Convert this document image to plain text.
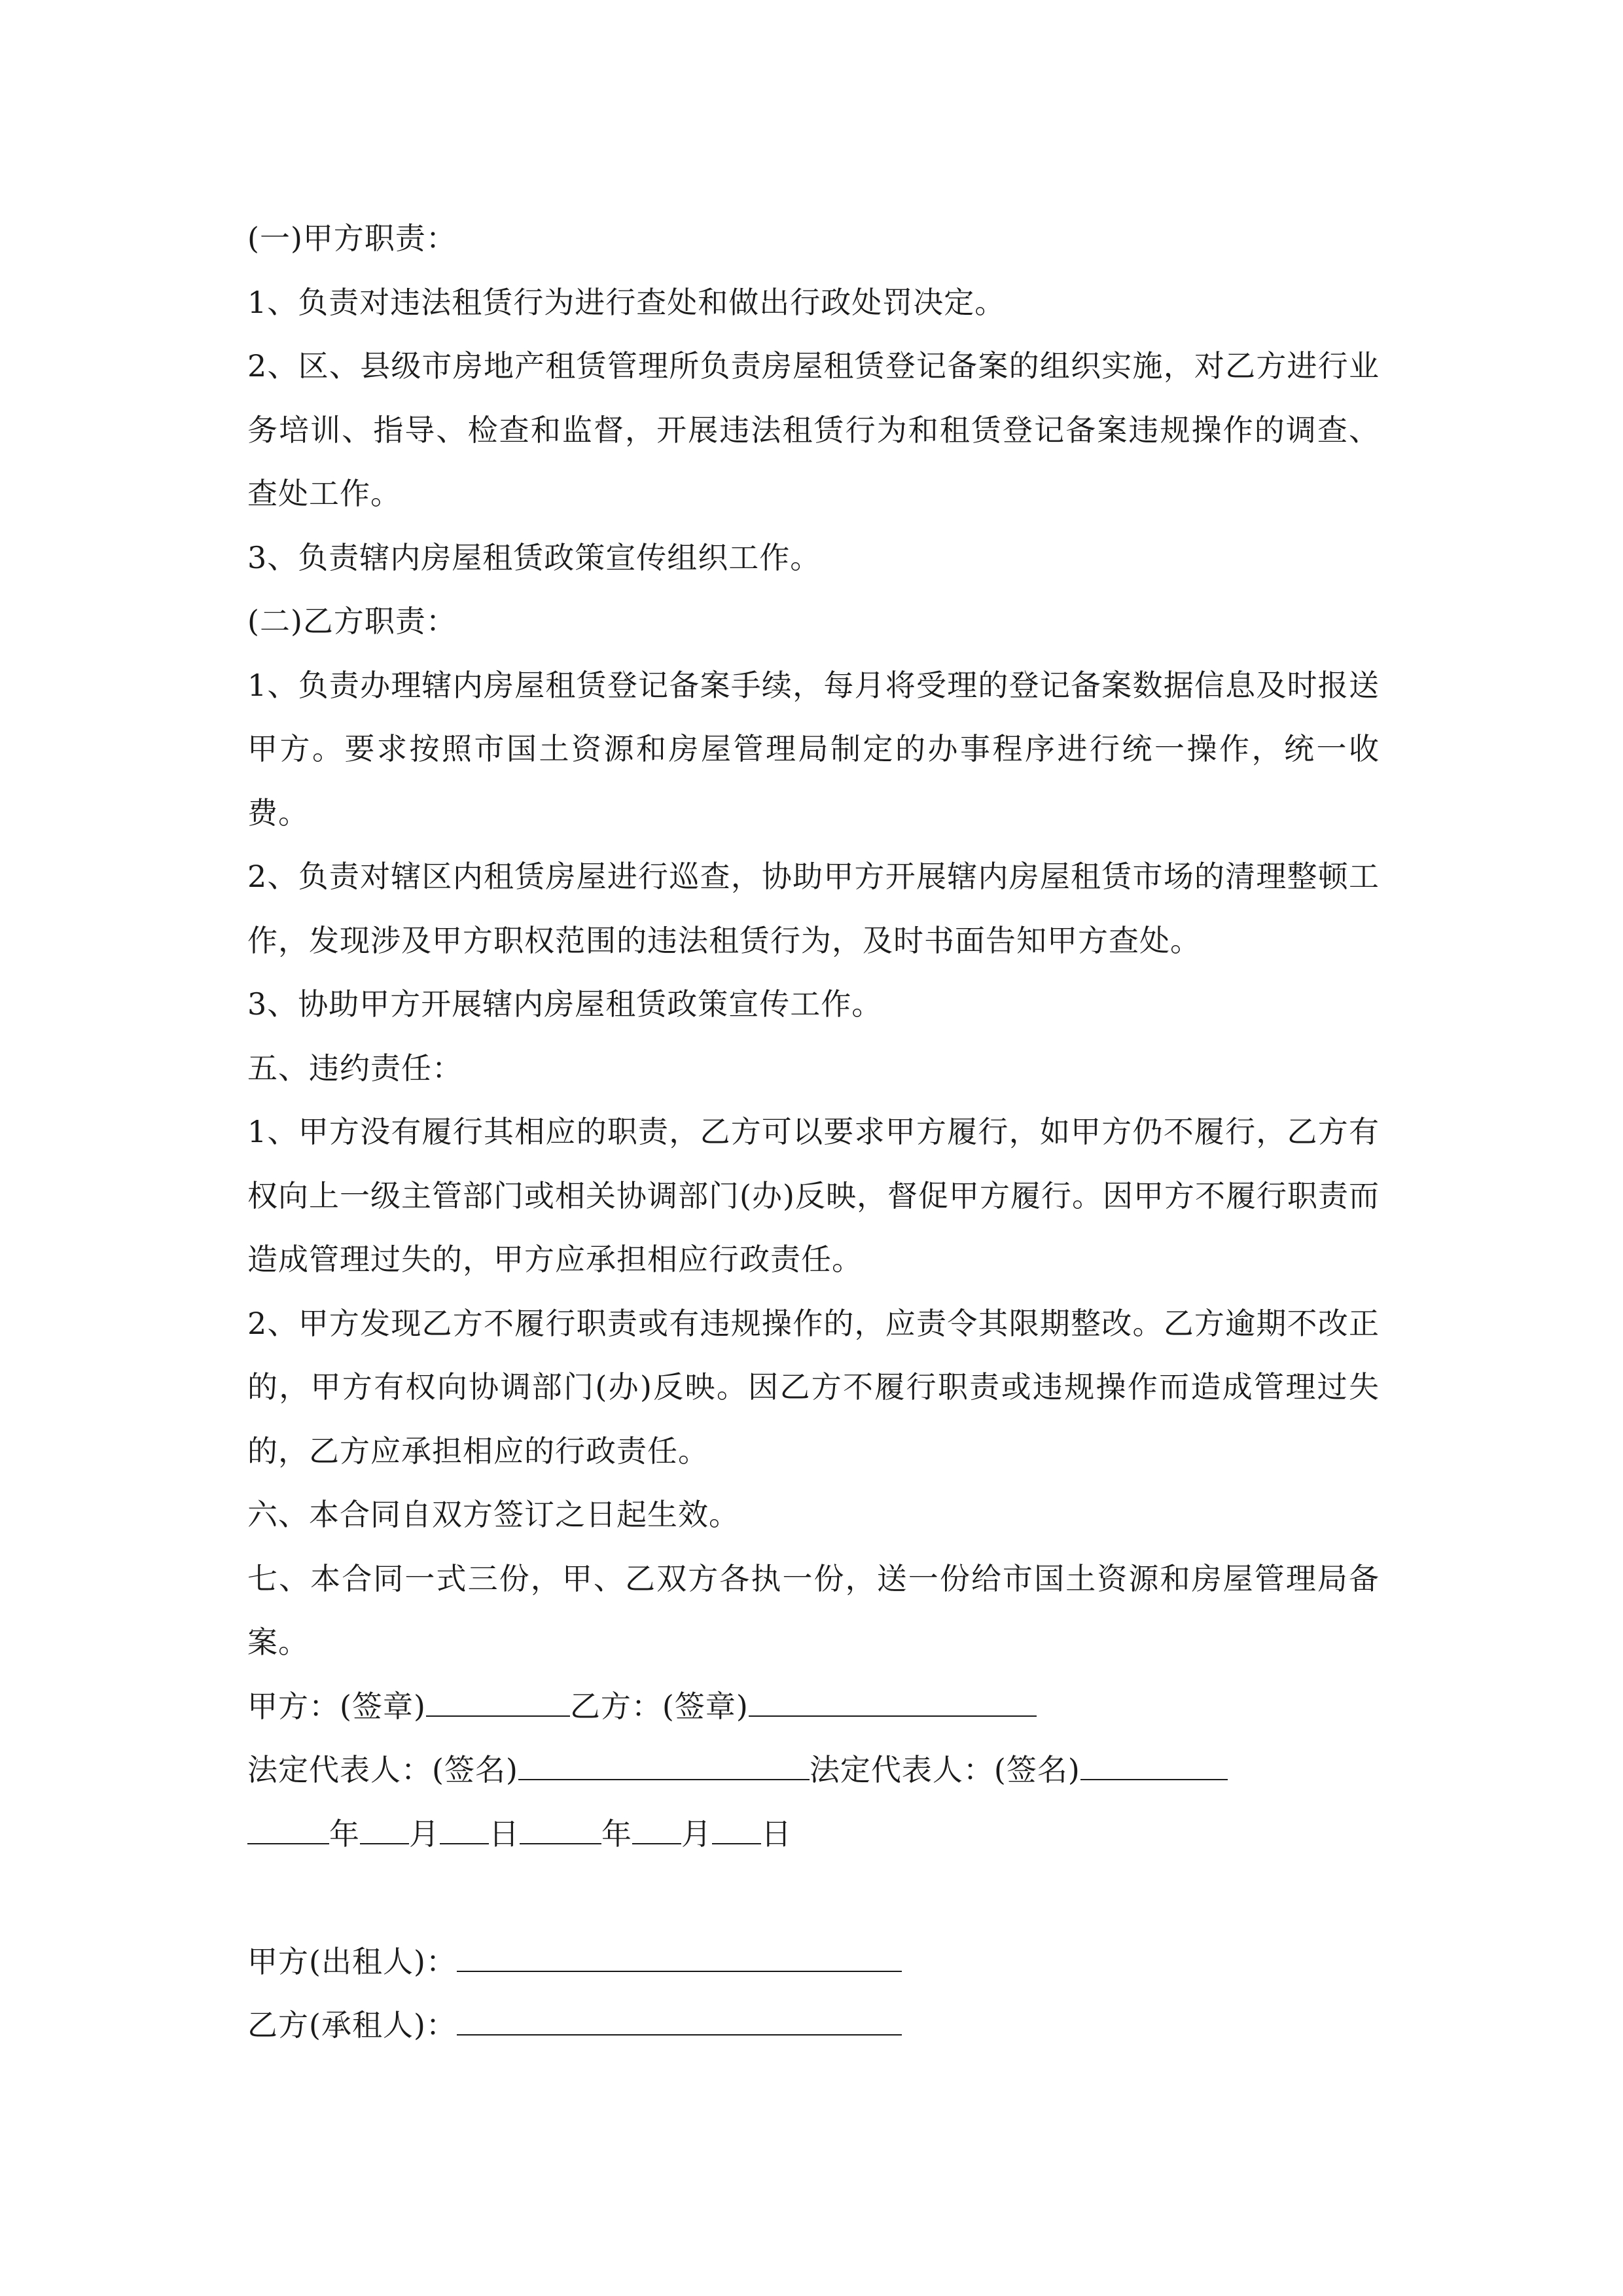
(一)甲方职责：
1、负责对违法租赁行为进行查处和做出行政处罚决定。
2、区、县级市房地产租赁管理所负责房屋租赁登记备案的组织实施，对乙方进行业务培训、指导、检查和监督，开展违法租赁行为和租赁登记备案违规操作的调查、查处工作。
3、负责辖内房屋租赁政策宣传组织工作。
(二)乙方职责：
1、负责办理辖内房屋租赁登记备案手续，每月将受理的登记备案数据信息及时报送甲方。要求按照市国土资源和房屋管理局制定的办事程序进行统一操作，统一收费。
2、负责对辖区内租赁房屋进行巡查，协助甲方开展辖内房屋租赁市场的清理整顿工作，发现涉及甲方职权范围的违法租赁行为，及时书面告知甲方查处。
3、协助甲方开展辖内房屋租赁政策宣传工作。
五、违约责任：
1、甲方没有履行其相应的职责，乙方可以要求甲方履行，如甲方仍不履行，乙方有权向上一级主管部门或相关协调部门(办)反映，督促甲方履行。因甲方不履行职责而造成管理过失的，甲方应承担相应行政责任。
2、甲方发现乙方不履行职责或有违规操作的，应责令其限期整改。乙方逾期不改正的，甲方有权向协调部门(办)反映。因乙方不履行职责或违规操作而造成管理过失的，乙方应承担相应的行政责任。
六、本合同自双方签订之日起生效。
七、本合同一式三份，甲、乙双方各执一份，送一份给市国土资源和房屋管理局备案。
甲方：(签章)	乙方：(签章)
法定代表人：(签名)	法定代表人：(签名)
年 月 日	年 月 日
甲方(出租人)：
乙方(承租人)：
